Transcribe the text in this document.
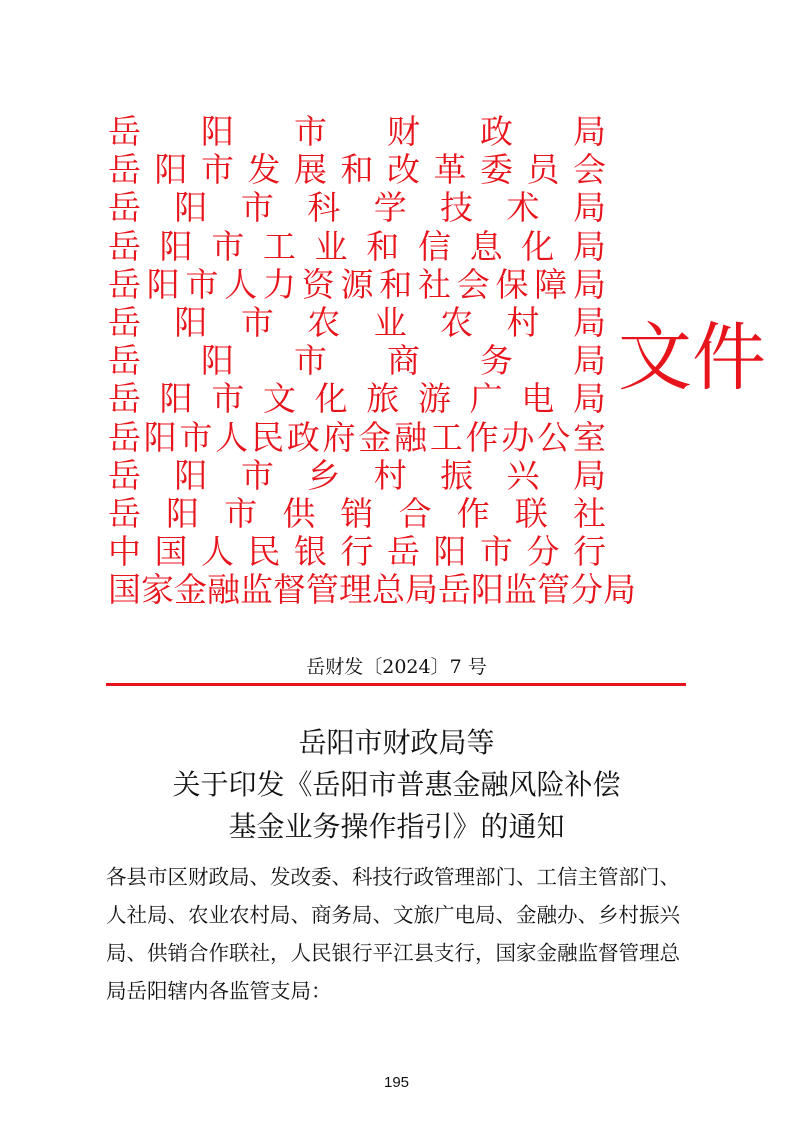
岳 阳 市 财 政 局
岳 阳 市 发 展 和 改 革 委 员 会
岳 阳 市 科 学 技 术 局
岳 阳 市 工 业 和 信 息 化 局
岳 阳 市 人 力 资 源 和 社 会 保 障 局
岳 阳 市 农 业 农 村 局
岳 阳 市 商 务 局
岳 阳 市 文 化 旅 游 广 电 局
岳 阳 市 人 民 政 府 金 融 工 作 办 公 室
岳 阳 市 乡 村 振 兴 局
岳 阳 市 供 销 合 作 联 社
中 国 人 民 银 行 岳 阳 市 分 行
国 家 金 融 监 督 管 理 总 局 岳 阳 监 管 分 局
文件
岳财发〔2024〕7 号
岳阳市财政局等
关于印发《岳阳市普惠金融风险补偿
基金业务操作指引》的通知
各县市区财政局、发改委、科技行政管理部门、工信主管部门、
人社局、农业农村局、商务局、文旅广电局、金融办、乡村振兴
局、供销合作联社，人民银行平江县支行，国家金融监督管理总
局岳阳辖内各监管支局：
195
